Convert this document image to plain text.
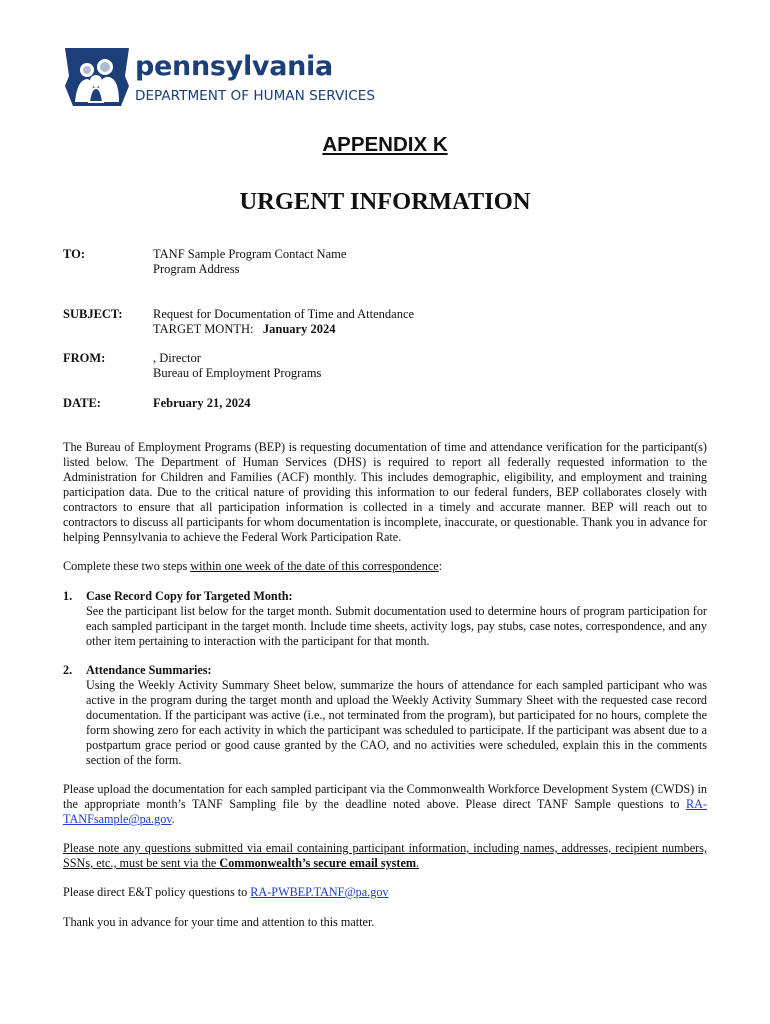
pennsylvania
DEPARTMENT OF HUMAN SERVICES
APPENDIX K
URGENT INFORMATION
TO:	TANF Sample Program Contact Name
Program Address
SUBJECT: Request for Documentation of Time and Attendance
TARGET MONTH: January 2024
FROM:	, Director
Bureau of Employment Programs
DATE:	February 21, 2024
The Bureau of Employment Programs (BEP) is requesting documentation of time and attendance verification for the participant(s) listed below. The Department of Human Services (DHS) is required to report all federally requested information to the Administration for Children and Families (ACF) monthly. This includes demographic, eligibility, and employment and training participation data. Due to the critical nature of providing this information to our federal funders, BEP collaborates closely with contractors to ensure that all participation information is collected in a timely and accurate manner. BEP will reach out to contractors to discuss all participants for whom documentation is incomplete, inaccurate, or questionable. Thank you in advance for helping Pennsylvania to achieve the Federal Work Participation Rate.
Complete these two steps within one week of the date of this correspondence:
1. Case Record Copy for Targeted Month:
See the participant list below for the target month. Submit documentation used to determine hours of program participation for each sampled participant in the target month. Include time sheets, activity logs, pay stubs, case notes, correspondence, and any other item pertaining to interaction with the participant for that month.
2. Attendance Summaries:
Using the Weekly Activity Summary Sheet below, summarize the hours of attendance for each sampled participant who was active in the program during the target month and upload the Weekly Activity Summary Sheet with the requested case record documentation. If the participant was active (i.e., not terminated from the program), but participated for no hours, complete the form showing zero for each activity in which the participant was scheduled to participate. If the participant was absent due to a postpartum grace period or good cause granted by the CAO, and no activities were scheduled, explain this in the comments section of the form.
Please upload the documentation for each sampled participant via the Commonwealth Workforce Development System (CWDS) in the appropriate month’s TANF Sampling file by the deadline noted above. Please direct TANF Sample questions to RA-TANFsample@pa.gov.
Please note any questions submitted via email containing participant information, including names, addresses, recipient numbers, SSNs, etc., must be sent via the Commonwealth’s secure email system.
Please direct E&T policy questions to RA-PWBEP.TANF@pa.gov
Thank you in advance for your time and attention to this matter.
